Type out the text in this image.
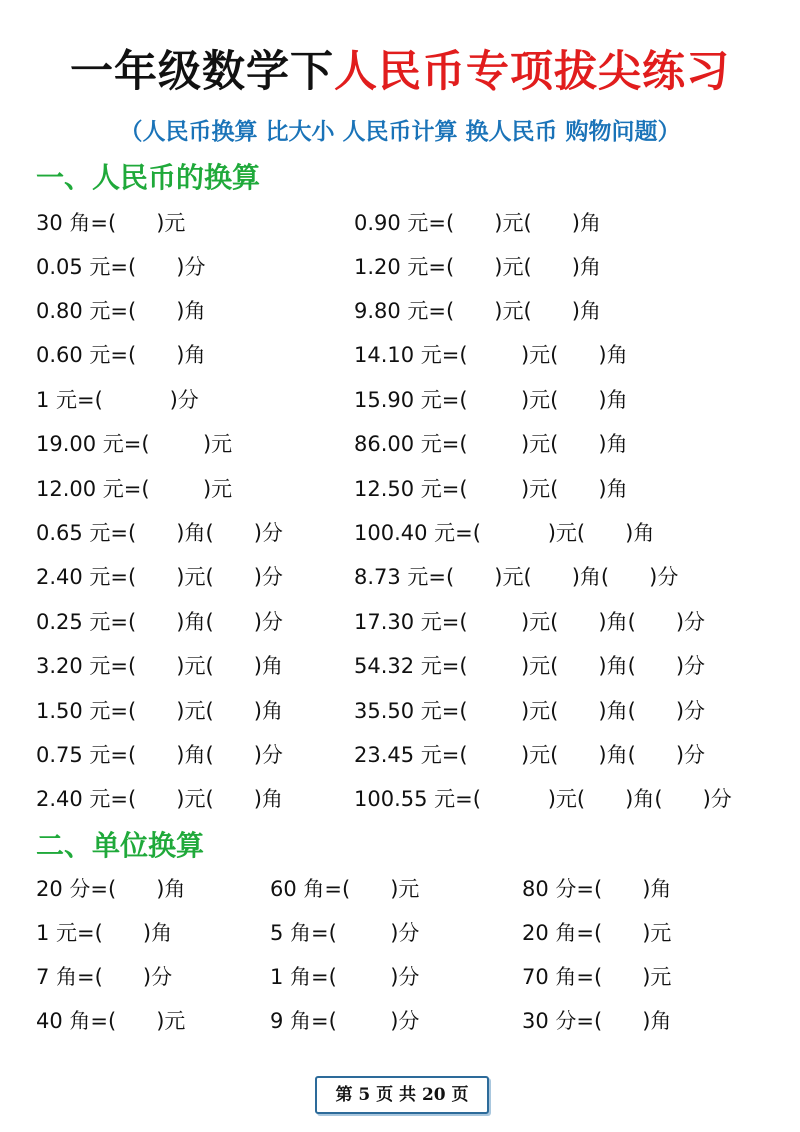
一年级数学下人民币专项拔尖练习
（人民币换算 比大小 人民币计算 换人民币 购物问题）
一、人民币的换算
30 角=(      )元
0.05 元=(      )分
0.80 元=(      )角
0.60 元=(      )角
1 元=(          )分
19.00 元=(        )元
12.00 元=(        )元
0.65 元=(      )角(      )分
2.40 元=(      )元(      )分
0.25 元=(      )角(      )分
3.20 元=(      )元(      )角
1.50 元=(      )元(      )角
0.75 元=(      )角(      )分
2.40 元=(      )元(      )角
0.90 元=(      )元(      )角
1.20 元=(      )元(      )角
9.80 元=(      )元(      )角
14.10 元=(        )元(      )角
15.90 元=(        )元(      )角
86.00 元=(        )元(      )角
12.50 元=(        )元(      )角
100.40 元=(          )元(      )角
8.73 元=(      )元(      )角(      )分
17.30 元=(        )元(      )角(      )分
54.32 元=(        )元(      )角(      )分
35.50 元=(        )元(      )角(      )分
23.45 元=(        )元(      )角(      )分
100.55 元=(          )元(      )角(      )分
二、单位换算
20 分=(      )角
1 元=(      )角
7 角=(      )分
40 角=(      )元
60 角=(      )元
5 角=(        )分
1 角=(        )分
9 角=(        )分
80 分=(      )角
20 角=(      )元
70 角=(      )元
30 分=(      )角
第 5 页 共 20 页
